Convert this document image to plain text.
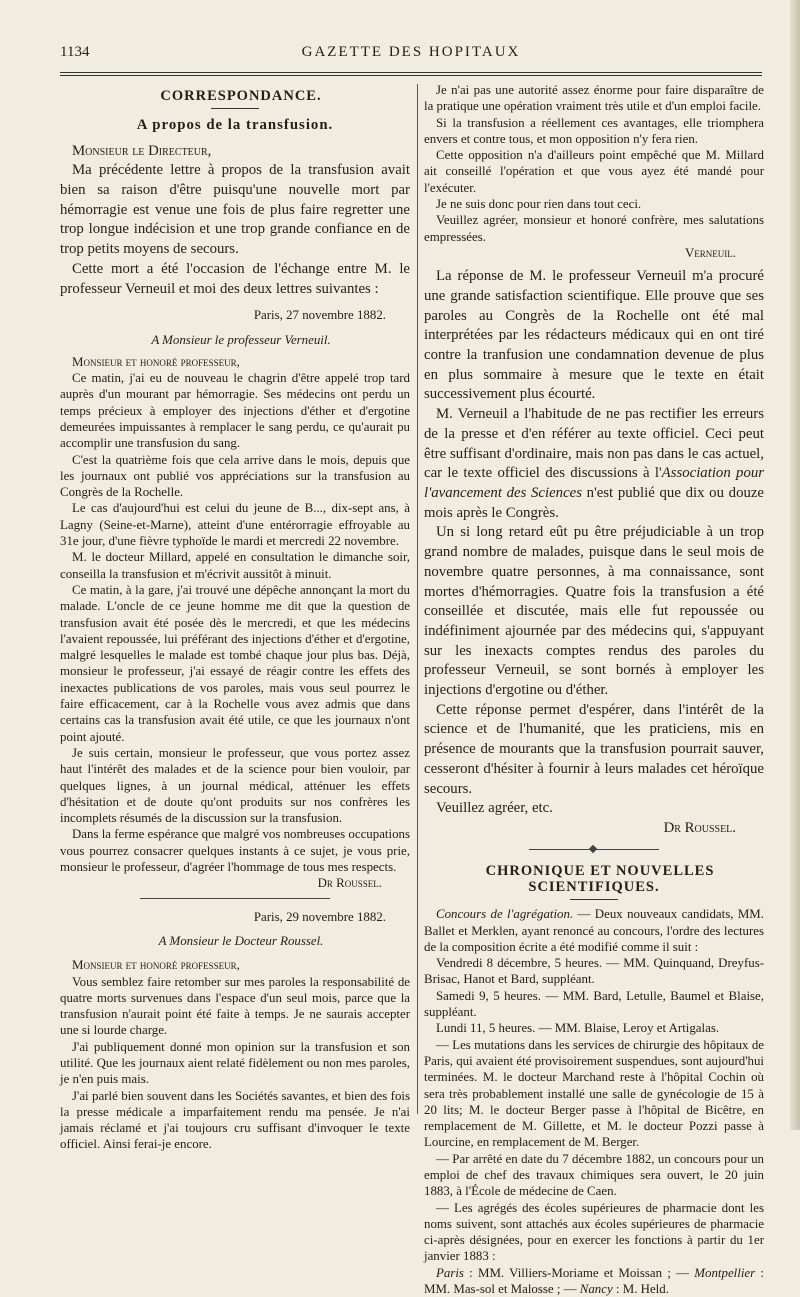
1134	GAZETTE DES HOPITAUX

CORRESPONDANCE.

A propos de la transfusion.

Monsieur le Directeur,

Ma précédente lettre à propos de la transfusion avait bien sa raison d'être puisqu'une nouvelle mort par hémorragie est venue une fois de plus faire regretter une trop longue indécision et une trop grande confiance en de trop petits moyens de secours.

Cette mort a été l'occasion de l'échange entre M. le professeur Verneuil et moi des deux lettres suivantes :

Paris, 27 novembre 1882.

A Monsieur le professeur Verneuil.

Monsieur et honoré professeur,

Ce matin, j'ai eu de nouveau le chagrin d'être appelé trop tard auprès d'un mourant par hémorragie. Ses médecins ont perdu un temps précieux à employer des injections d'éther et d'ergotine demeurées impuissantes à remplacer le sang perdu, ce qu'aurait pu accomplir une transfusion du sang.

C'est la quatrième fois que cela arrive dans le mois, depuis que les journaux ont publié vos appréciations sur la transfusion au Congrès de la Rochelle.

Le cas d'aujourd'hui est celui du jeune de B..., dix-sept ans, à Lagny (Seine-et-Marne), atteint d'une entérorragie effroyable au 31e jour, d'une fièvre typhoïde le mardi et mercredi 22 novembre.

M. le docteur Millard, appelé en consultation le dimanche soir, conseilla la transfusion et m'écrivit aussitôt à minuit.

Ce matin, à la gare, j'ai trouvé une dépêche annonçant la mort du malade. L'oncle de ce jeune homme me dit que la question de transfusion avait été posée dès le mercredi, et que les médecins l'avaient repoussée, lui préférant des injections d'éther et d'ergotine, malgré lesquelles le malade est tombé chaque jour plus bas. Déjà, monsieur le professeur, j'ai essayé de réagir contre les effets des inexactes publications de vos paroles, mais vous seul pourrez le faire efficacement, car à la Rochelle vous avez admis que dans certains cas la transfusion avait été utile, ce que les journaux n'ont point ajouté.

Je suis certain, monsieur le professeur, que vous portez assez haut l'intérêt des malades et de la science pour bien vouloir, par quelques lignes, à un journal médical, atténuer les effets d'hésitation et de doute qu'ont produits sur nos confrères les incomplets résumés de la discussion sur la transfusion.

Dans la ferme espérance que malgré vos nombreuses occupations vous pourrez consacrer quelques instants à ce sujet, je vous prie, monsieur le professeur, d'agréer l'hommage de tous mes respects.

Dr Roussel.

Paris, 29 novembre 1882.

A Monsieur le Docteur Roussel.

Monsieur et honoré professeur,

Vous semblez faire retomber sur mes paroles la responsabilité de quatre morts survenues dans l'espace d'un seul mois, parce que la transfusion n'aurait point été faite à temps. Je ne saurais accepter une si lourde charge.

J'ai publiquement donné mon opinion sur la transfusion et son utilité. Que les journaux aient relaté fidèlement ou non mes paroles, je n'en puis mais.

J'ai parlé bien souvent dans les Sociétés savantes, et bien des fois la presse médicale a imparfaitement rendu ma pensée. Je n'ai jamais réclamé et j'ai toujours cru suffisant d'invoquer le texte officiel. Ainsi ferai-je encore.

Je n'ai pas une autorité assez énorme pour faire disparaître de la pratique une opération vraiment très utile et d'un emploi facile.

Si la transfusion a réellement ces avantages, elle triomphera envers et contre tous, et mon opposition n'y fera rien.

Cette opposition n'a d'ailleurs point empêché que M. Millard ait conseillé l'opération et que vous ayez été mandé pour l'exécuter.

Je ne suis donc pour rien dans tout ceci.

Veuillez agréer, monsieur et honoré confrère, mes salutations empressées.

Verneuil.

La réponse de M. le professeur Verneuil m'a procuré une grande satisfaction scientifique. Elle prouve que ses paroles au Congrès de la Rochelle ont été mal interprétées par les rédacteurs médicaux qui en ont tiré contre la tranfusion une condamnation devenue de plus en plus sommaire à mesure que le texte en était successivement plus écourté.

M. Verneuil a l'habitude de ne pas rectifier les erreurs de la presse et d'en référer au texte officiel. Ceci peut être suffisant d'ordinaire, mais non pas dans le cas actuel, car le texte officiel des discussions à l'Association pour l'avancement des Sciences n'est publié que dix ou douze mois après le Congrès.

Un si long retard eût pu être préjudiciable à un trop grand nombre de malades, puisque dans le seul mois de novembre quatre personnes, à ma connaissance, sont mortes d'hémorragies. Quatre fois la transfusion a été conseillée et discutée, mais elle fut repoussée ou indéfiniment ajournée par des médecins qui, s'appuyant sur les inexacts comptes rendus des paroles du professeur Verneuil, se sont bornés à employer les injections d'ergotine ou d'éther.

Cette réponse permet d'espérer, dans l'intérêt de la science et de l'humanité, que les praticiens, mis en présence de mourants que la transfusion pourrait sauver, cesseront d'hésiter à fournir à leurs malades cet héroïque secours.

Veuillez agréer, etc.

Dr Roussel.

CHRONIQUE ET NOUVELLES SCIENTIFIQUES.

Concours de l'agrégation. — Deux nouveaux candidats, MM. Ballet et Merklen, ayant renoncé au concours, l'ordre des lectures de la composition écrite a été modifié comme il suit :

Vendredi 8 décembre, 5 heures. — MM. Quinquand, Dreyfus-Brisac, Hanot et Bard, suppléant.

Samedi 9, 5 heures. — MM. Bard, Letulle, Baumel et Blaise, suppléant.

Lundi 11, 5 heures. — MM. Blaise, Leroy et Artigalas.

— Les mutations dans les services de chirurgie des hôpitaux de Paris, qui avaient été provisoirement suspendues, sont aujourd'hui terminées. M. le docteur Marchand reste à l'hôpital Cochin où sera très probablement installé une salle de gynécologie de 15 à 20 lits; M. le docteur Berger passe à l'hôpital de Bicêtre, en remplacement de M. Gillette, et M. le docteur Pozzi passe à Lourcine, en remplacement de M. Berger.

— Par arrêté en date du 7 décembre 1882, un concours pour un emploi de chef des travaux chimiques sera ouvert, le 20 juin 1883, à l'École de médecine de Caen.

— Les agrégés des écoles supérieures de pharmacie dont les noms suivent, sont attachés aux écoles supérieures de pharmacie ci-après désignées, pour en exercer les fonctions à partir du 1er janvier 1883 :

Paris : MM. Villiers-Moriame et Moissan ; — Montpellier : MM. Mas-sol et Malosse ; — Nancy : M. Held.
